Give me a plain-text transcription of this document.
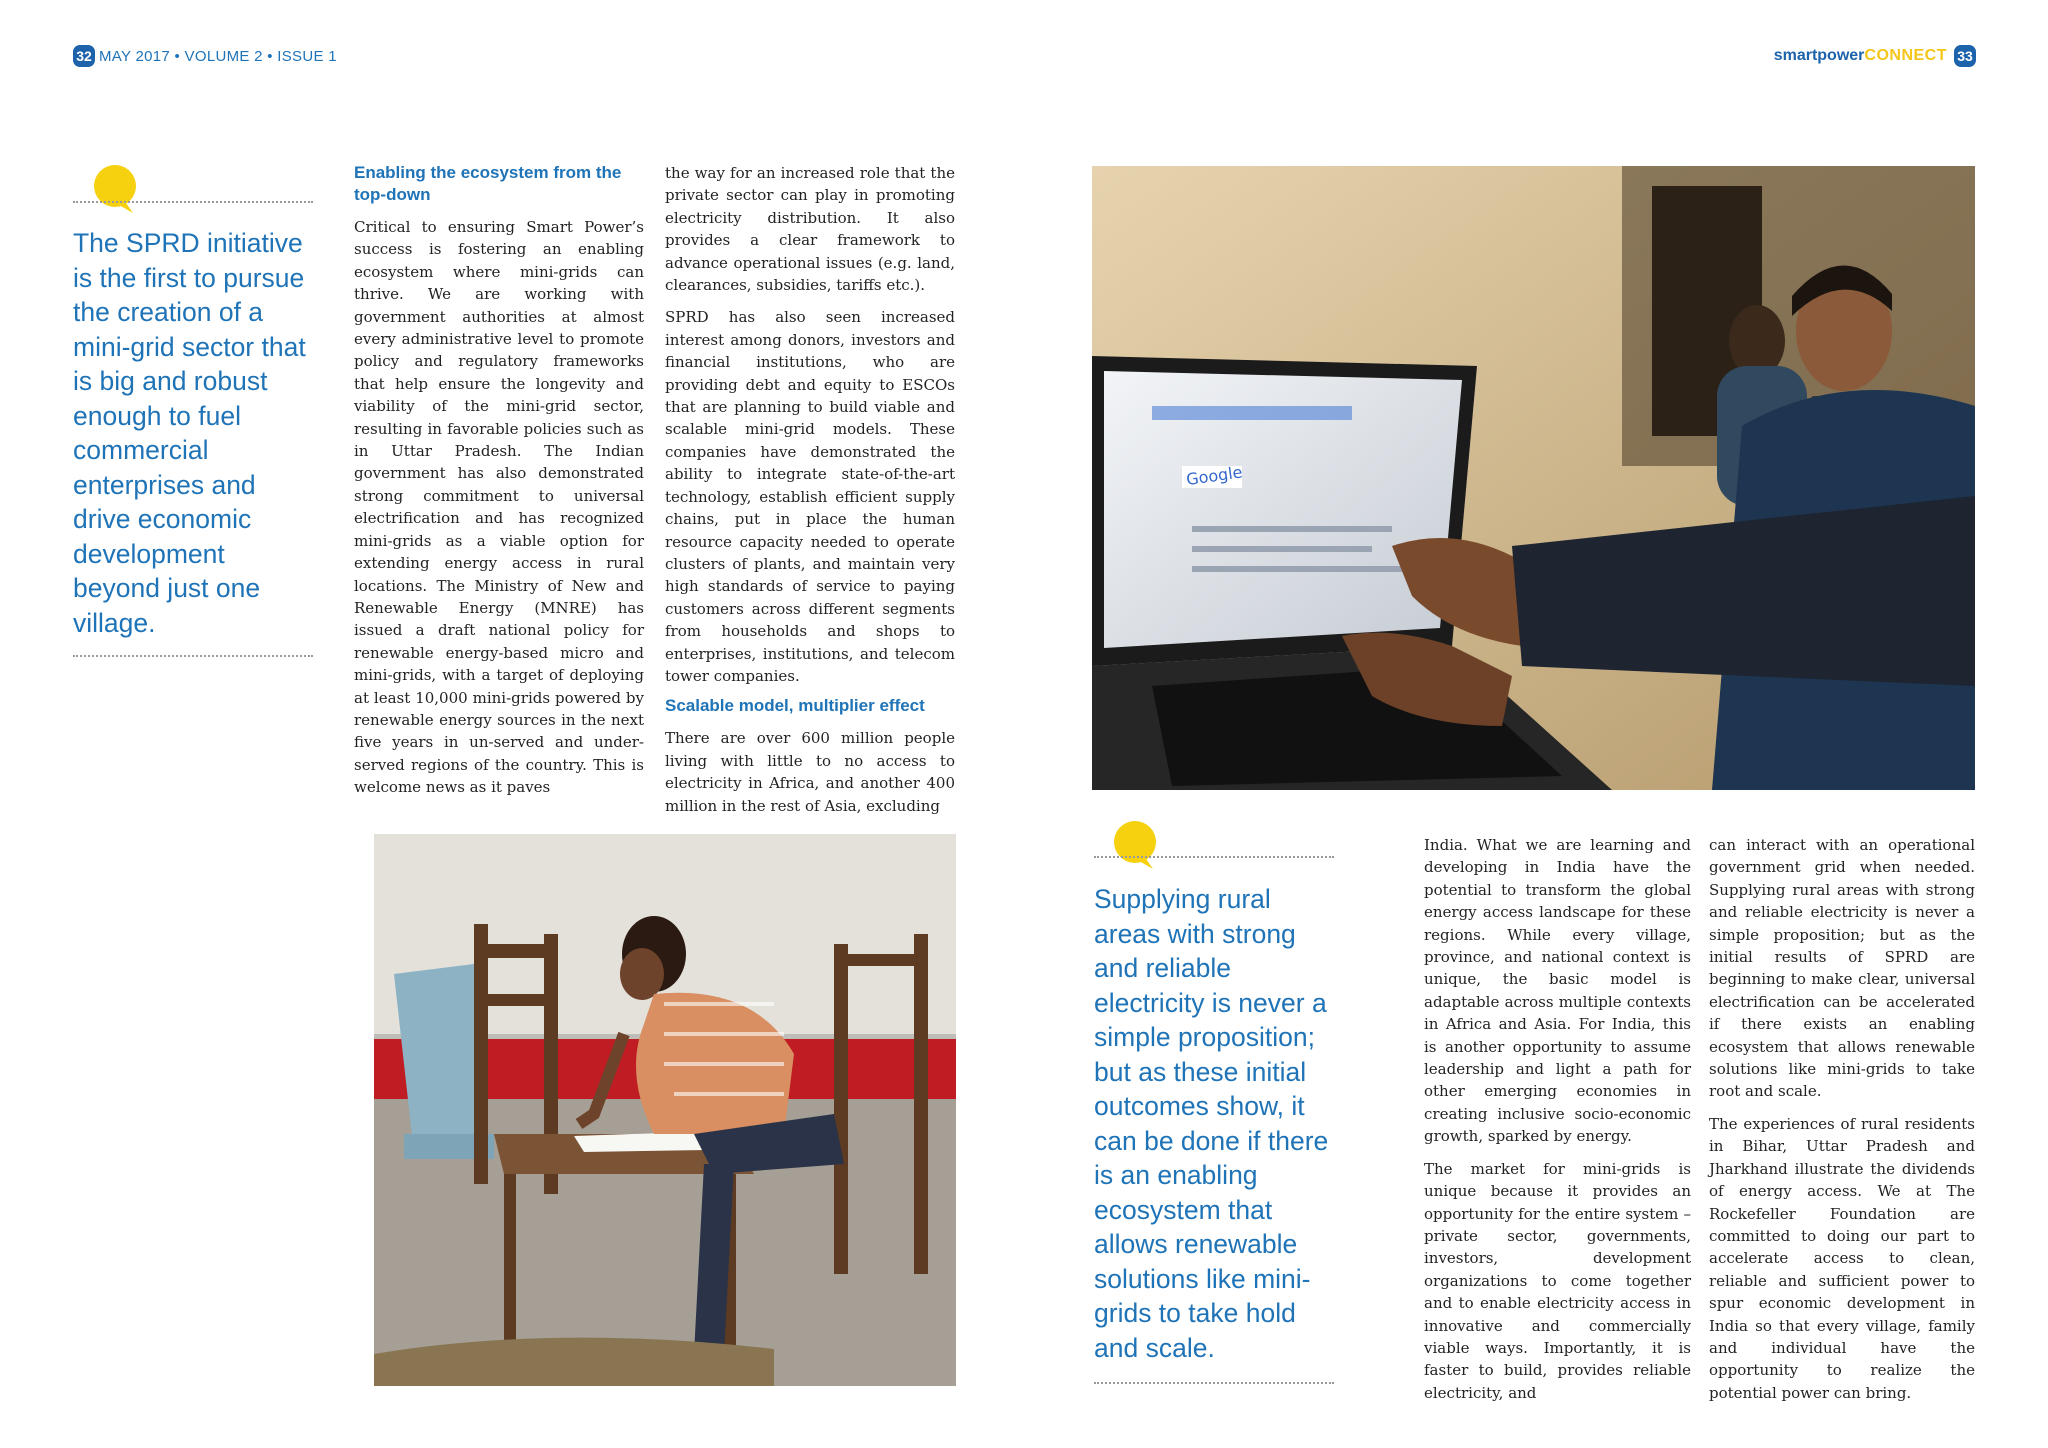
32 MAY 2017 • VOLUME 2 • ISSUE 1	smartpower CONNECT 33
The SPRD initiative is the first to pursue the creation of a mini-grid sector that is big and robust enough to fuel commercial enterprises and drive economic development beyond just one village.

Enabling the ecosystem from the top-down

Critical to ensuring Smart Power’s success is fostering an enabling ecosystem where mini-grids can thrive. We are working with government authorities at almost every administrative level to promote policy and regulatory frameworks that help ensure the longevity and viability of the mini-grid sector, resulting in favorable policies such as in Uttar Pradesh. The Indian government has also demonstrated strong commitment to universal electrification and has recognized mini-grids as a viable option for extending energy access in rural locations. The Ministry of New and Renewable Energy (MNRE) has issued a draft national policy for renewable energy-based micro and mini-grids, with a target of deploying at least 10,000 mini-grids powered by renewable energy sources in the next five years in un-served and under-served regions of the country. This is welcome news as it paves

the way for an increased role that the private sector can play in promoting electricity distribution. It also provides a clear framework to advance operational issues (e.g. land, clearances, subsidies, tariffs etc.).

SPRD has also seen increased interest among donors, investors and financial institutions, who are providing debt and equity to ESCOs that are planning to build viable and scalable mini-grid models. These companies have demonstrated the ability to integrate state-of-the-art technology, establish efficient supply chains, put in place the human resource capacity needed to operate clusters of plants, and maintain very high standards of service to paying customers across different segments from households and shops to enterprises, institutions, and telecom tower companies.

Scalable model, multiplier effect

There are over 600 million people living with little to no access to electricity in Africa, and another 400 million in the rest of Asia, excluding

Google
Supplying rural areas with strong and reliable electricity is never a simple proposition; but as these initial outcomes show, it can be done if there is an enabling ecosystem that allows renewable solutions like mini-grids to take hold and scale.

India. What we are learning and developing in India have the potential to transform the global energy access landscape for these regions. While every village, province, and national context is unique, the basic model is adaptable across multiple contexts in Africa and Asia. For India, this is another opportunity to assume leadership and light a path for other emerging economies in creating inclusive socio-economic growth, sparked by energy.

The market for mini-grids is unique because it provides an opportunity for the entire system – private sector, governments, investors, development organizations to come together and to enable electricity access in innovative and commercially viable ways. Importantly, it is faster to build, provides reliable electricity, and

can interact with an operational government grid when needed. Supplying rural areas with strong and reliable electricity is never a simple proposition; but as the initial results of SPRD are beginning to make clear, universal electrification can be accelerated if there exists an enabling ecosystem that allows renewable solutions like mini-grids to take root and scale.

The experiences of rural residents in Bihar, Uttar Pradesh and Jharkhand illustrate the dividends of energy access. We at The Rockefeller Foundation are committed to doing our part to accelerate access to clean, reliable and sufficient power to spur economic development in India so that every village, family and individual have the opportunity to realize the potential power can bring.
